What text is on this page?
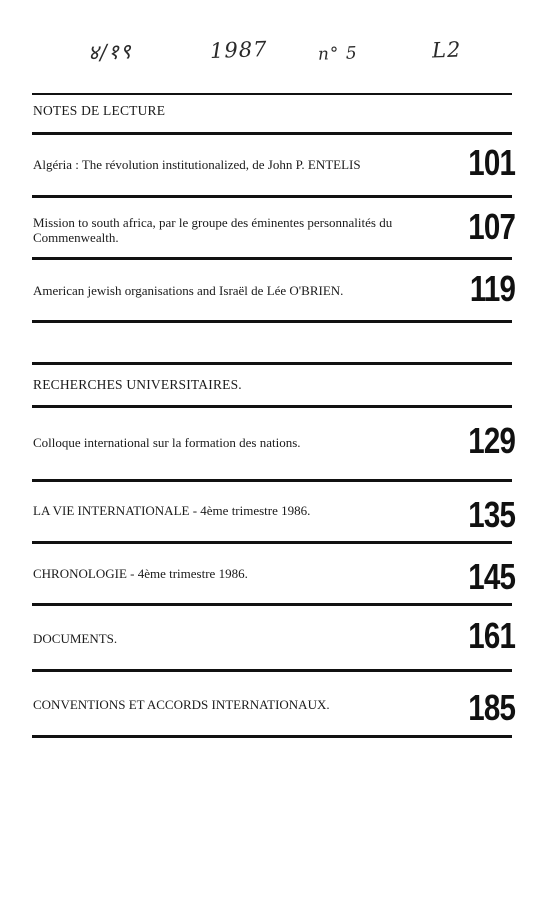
४/१९	1987	n° 5	L2
NOTES DE LECTURE
Algéria : The révolution institutionalized, de John P. ENTELIS	101
Mission to south africa, par le groupe des éminentes personnalités du Commenwealth.	107
American jewish organisations and Israël de Lée O'BRIEN.	119
RECHERCHES UNIVERSITAIRES.
Colloque international sur la formation des nations.	129
LA VIE INTERNATIONALE - 4ème trimestre 1986.	135
CHRONOLOGIE - 4ème trimestre 1986.	145
DOCUMENTS.	161
CONVENTIONS ET ACCORDS INTERNATIONAUX.	185
